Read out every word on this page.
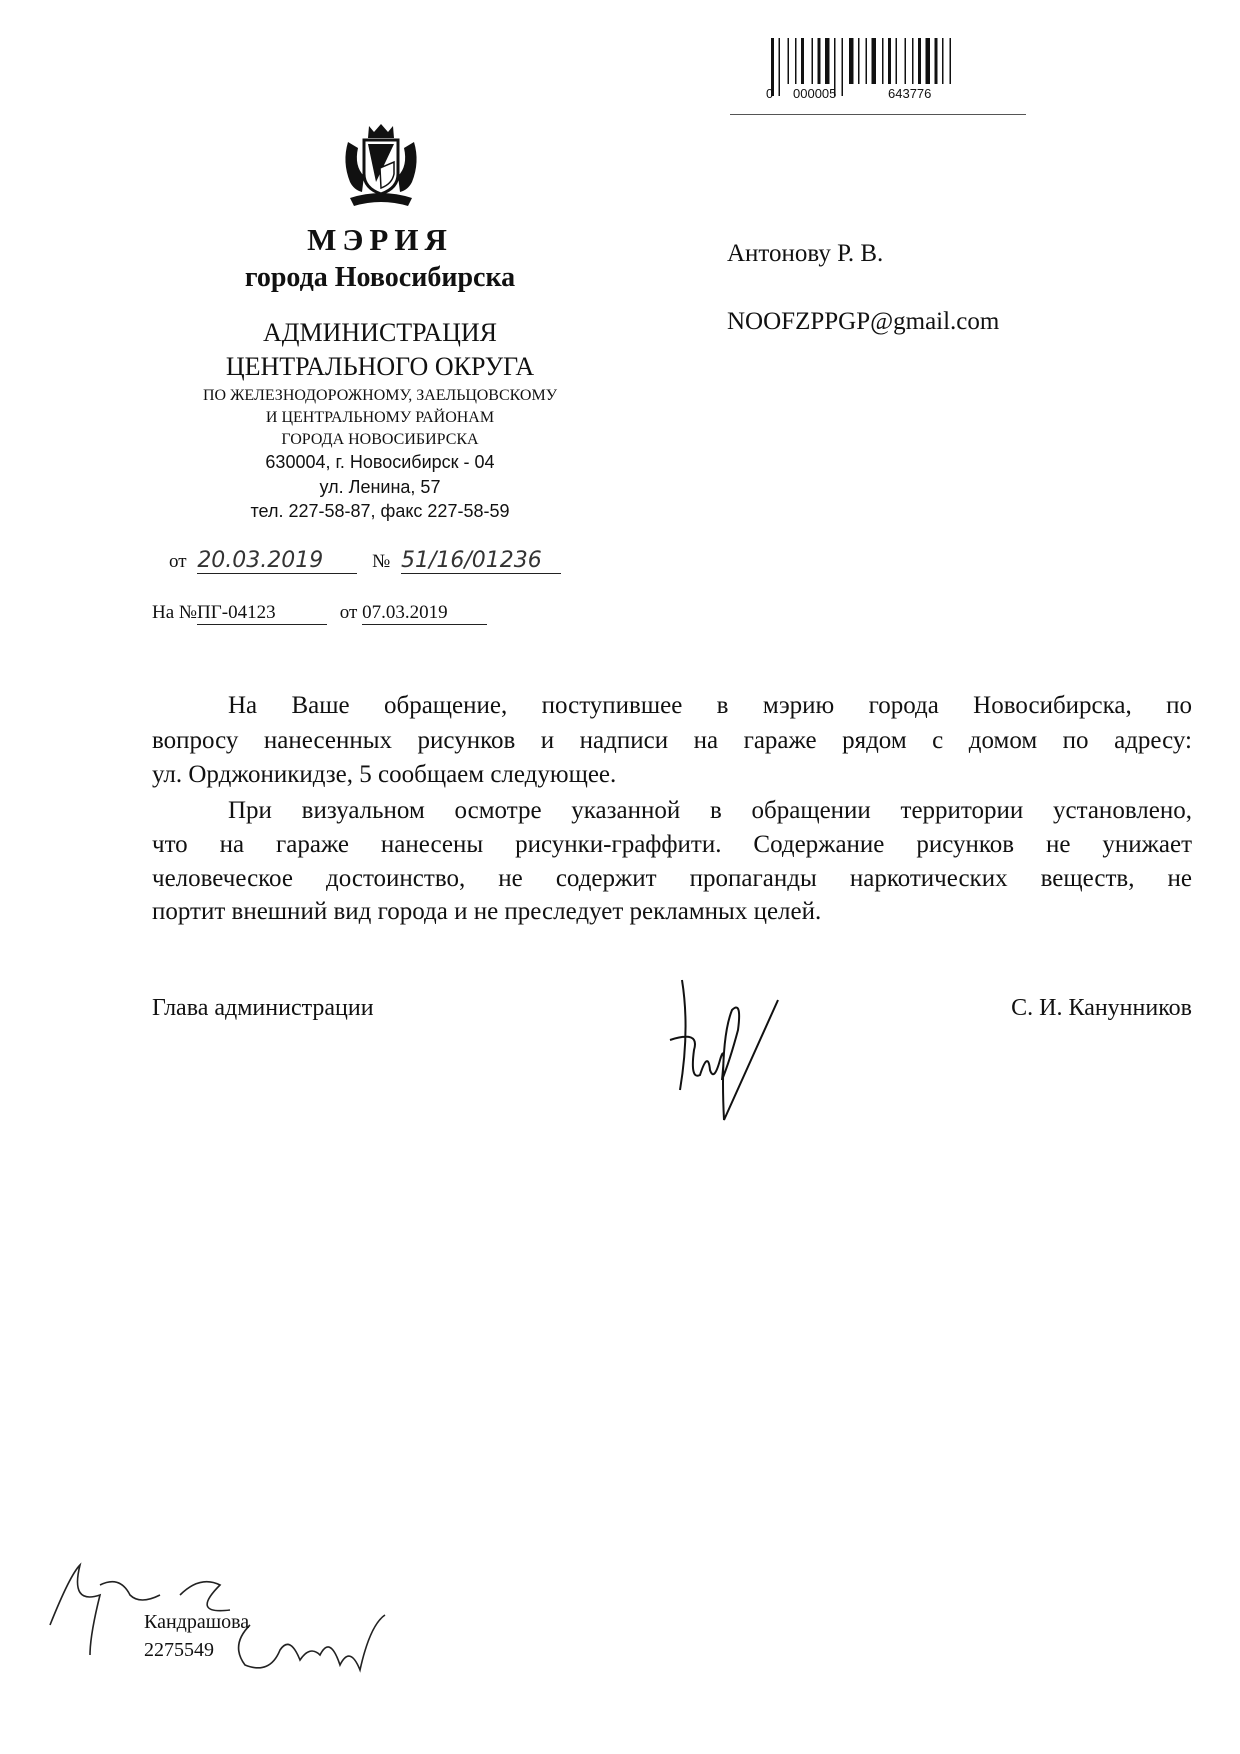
0 000005	643776
МЭРИЯ
города Новосибирска
АДМИНИСТРАЦИЯ
ЦЕНТРАЛЬНОГО ОКРУГА
ПО ЖЕЛЕЗНОДОРОЖНОМУ, ЗАЕЛЬЦОВСКОМУ
И ЦЕНТРАЛЬНОМУ РАЙОНАМ
ГОРОДА НОВОСИБИРСКА
630004, г. Новосибирск - 04
ул. Ленина, 57
тел. 227-58-87, факс 227-58-59
от 20.03.2019	№ 51/16/01236
На №ПГ-04123	от 07.03.2019
Антонову Р. В.
NOOFZPPGP@gmail.com
На Ваше обращение, поступившее в мэрию города Новосибирска, по
вопросу нанесенных рисунков и надписи на гараже рядом с домом по адресу:
ул. Орджоникидзе, 5 сообщаем следующее.
При визуальном осмотре указанной в обращении территории установлено,
что на гараже нанесены рисунки-граффити. Содержание рисунков не унижает
человеческое достоинство, не содержит пропаганды наркотических веществ, не
портит внешний вид города и не преследует рекламных целей.
Глава администрации	С. И. Канунников
Кандрашова
2275549
